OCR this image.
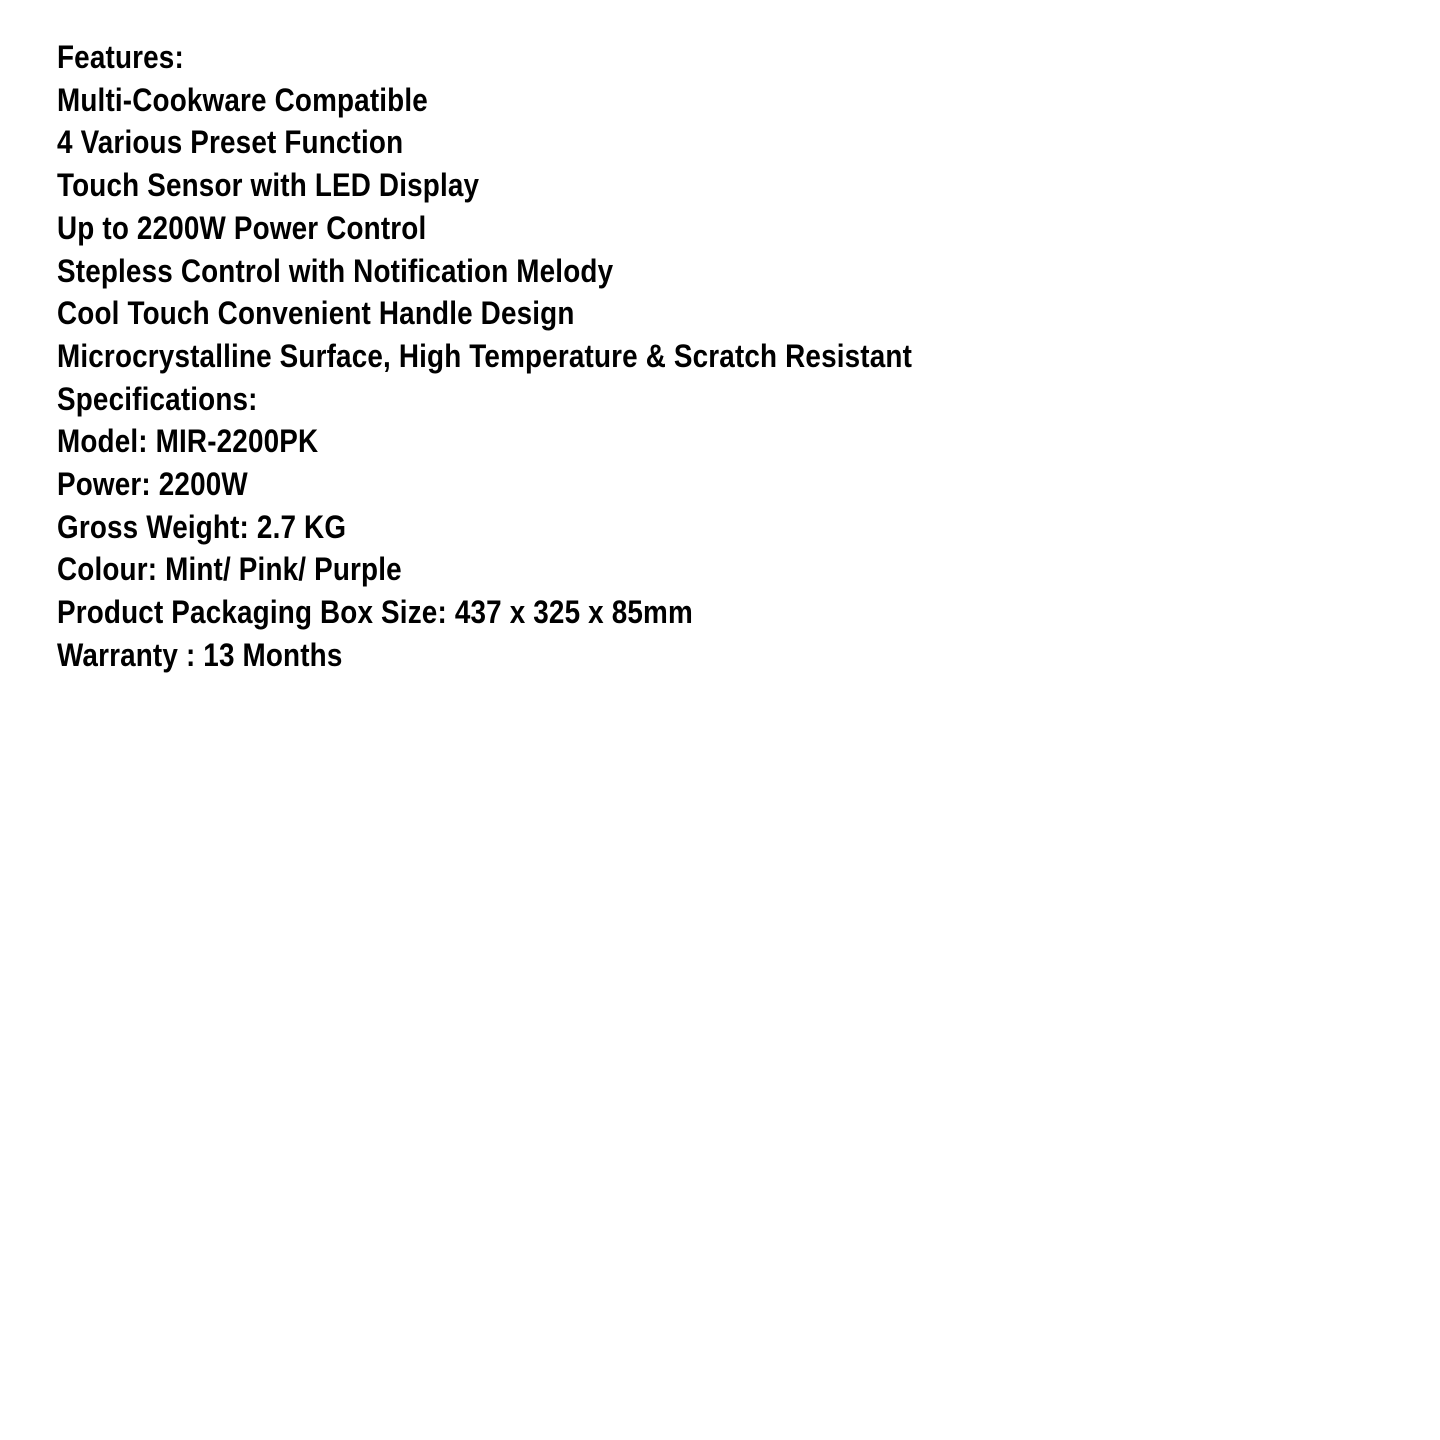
Features:
Multi-Cookware Compatible
4 Various Preset Function
Touch Sensor with LED Display
Up to 2200W Power Control
Stepless Control with Notification Melody
Cool Touch Convenient Handle Design
Microcrystalline Surface, High Temperature & Scratch Resistant
Specifications:
Model: MIR-2200PK
Power: 2200W
Gross Weight: 2.7 KG
Colour: Mint/ Pink/ Purple
Product Packaging Box Size: 437 x 325 x 85mm
Warranty : 13 Months
